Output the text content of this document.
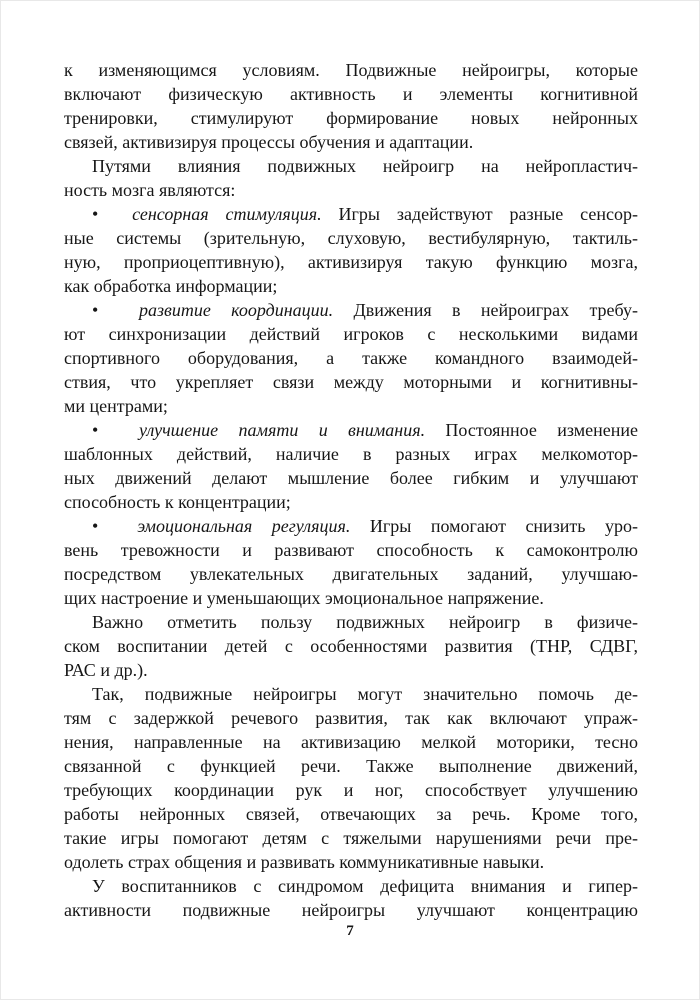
к изменяющимся условиям. Подвижные нейроигры, которые
включают физическую активность и элементы когнитивной
тренировки, стимулируют формирование новых нейронных
связей, активизируя процессы обучения и адаптации.
Путями влияния подвижных нейроигр на нейропластич-
ность мозга являются:
•  сенсорная стимуляция. Игры задействуют разные сенсор-
ные системы (зрительную, слуховую, вестибулярную, тактиль-
ную, проприоцептивную), активизируя такую функцию мозга,
как обработка информации;
•  развитие координации. Движения в нейроиграх требу-
ют синхронизации действий игроков с несколькими видами
спортивного оборудования, а также командного взаимодей-
ствия, что укрепляет связи между моторными и когнитивны-
ми центрами;
•  улучшение памяти и внимания. Постоянное изменение
шаблонных действий, наличие в разных играх мелкомотор-
ных движений делают мышление более гибким и улучшают
способность к концентрации;
•  эмоциональная регуляция. Игры помогают снизить уро-
вень тревожности и развивают способность к самоконтролю
посредством увлекательных двигательных заданий, улучшаю-
щих настроение и уменьшающих эмоциональное напряжение.
Важно отметить пользу подвижных нейроигр в физиче-
ском воспитании детей с особенностями развития (ТНР, СДВГ,
РАС и др.).
Так, подвижные нейроигры могут значительно помочь де-
тям с задержкой речевого развития, так как включают упраж-
нения, направленные на активизацию мелкой моторики, тесно
связанной с функцией речи. Также выполнение движений,
требующих координации рук и ног, способствует улучшению
работы нейронных связей, отвечающих за речь. Кроме того,
такие игры помогают детям с тяжелыми нарушениями речи пре-
одолеть страх общения и развивать коммуникативные навыки.
У воспитанников с синдромом дефицита внимания и гипер-
активности подвижные нейроигры улучшают концентрацию
7
